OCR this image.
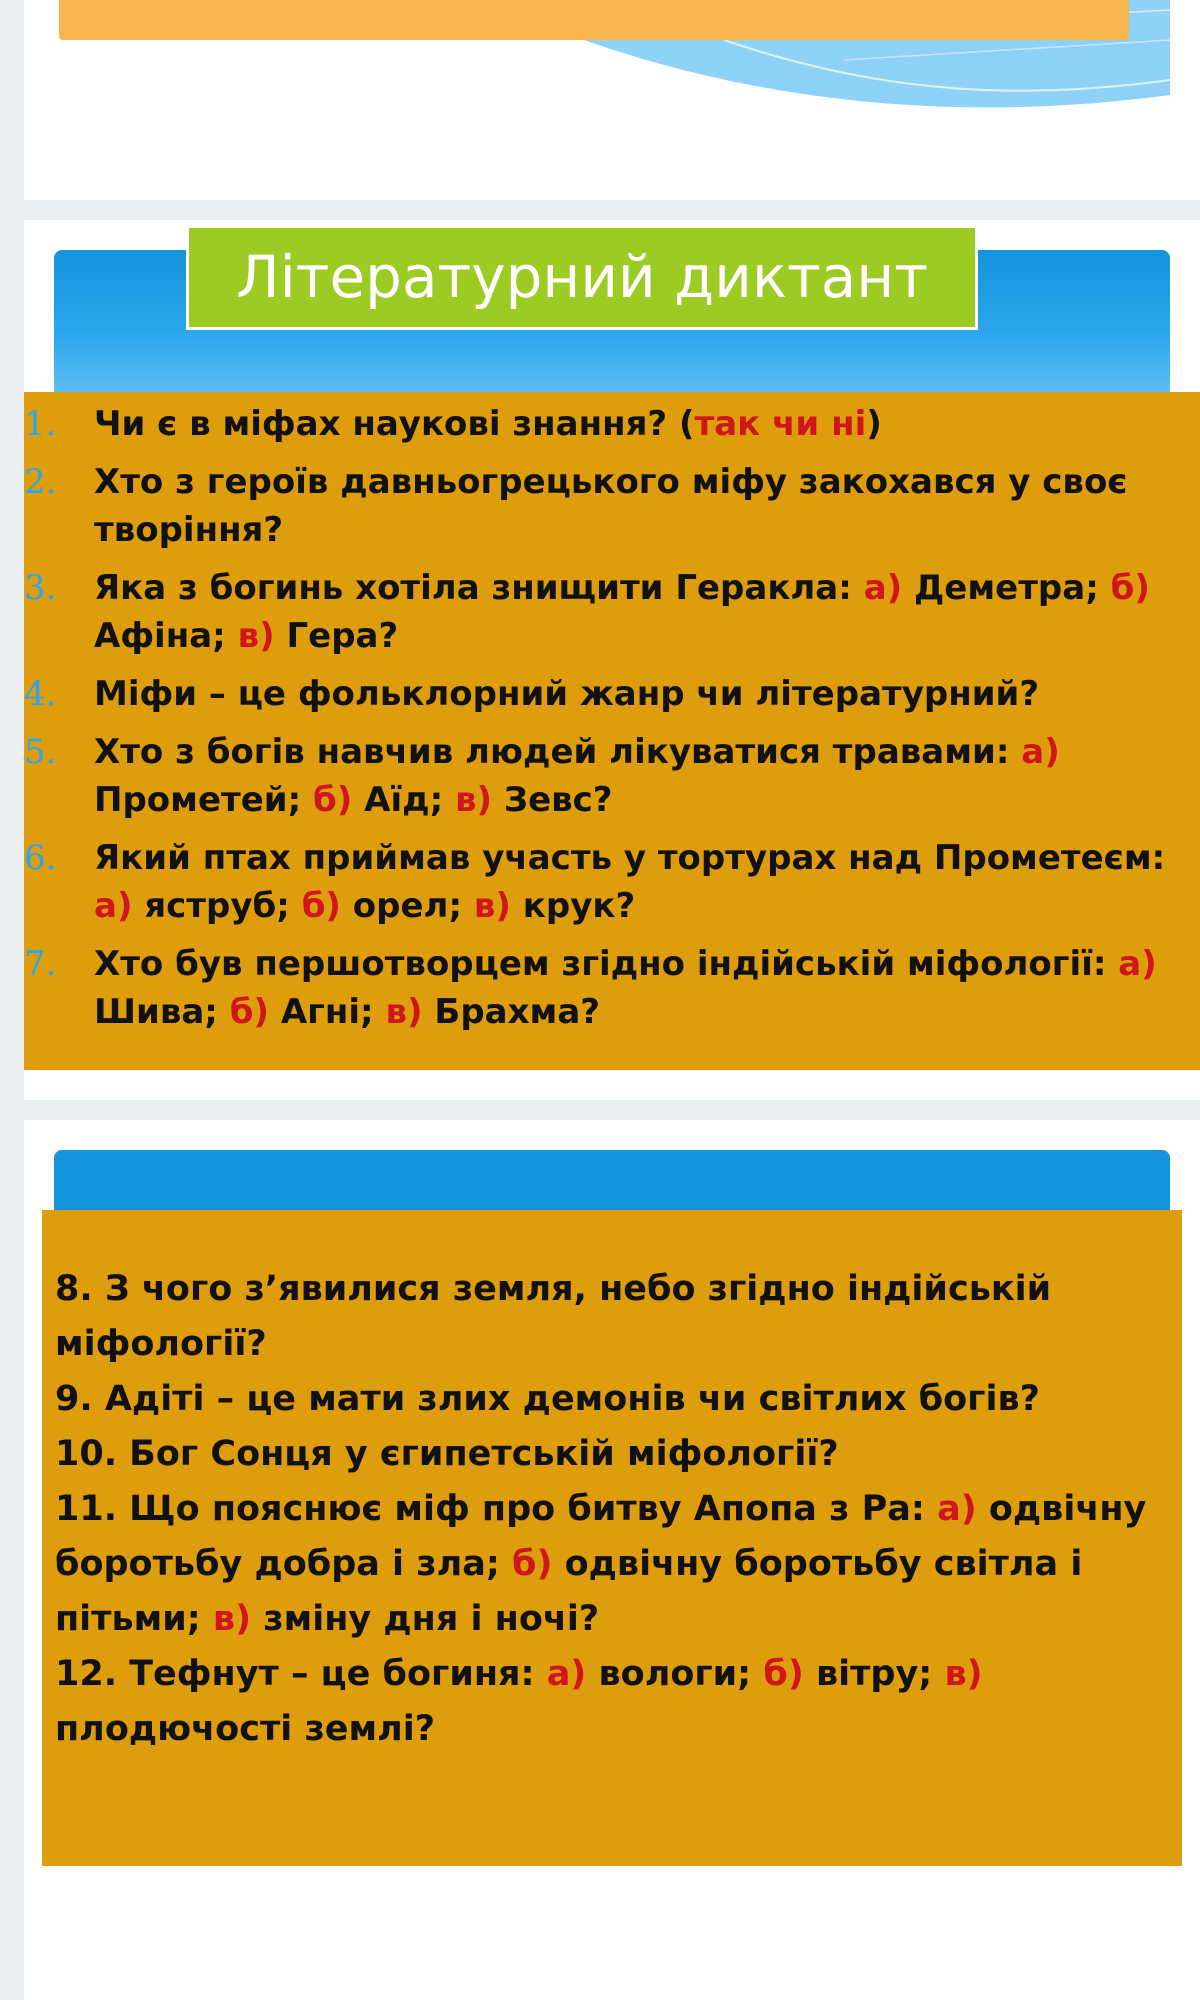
Літературний диктант
1.	Чи є в міфах наукові знання? (так чи ні)
2.	Хто з героїв давньогрецького міфу закохався у своє творіння?
3.	Яка з богинь хотіла знищити Геракла: а) Деметра; б) Афіна; в) Гера?
4.	Міфи – це фольклорний жанр чи літературний?
5.	Хто з богів навчив людей лікуватися травами: а) Прометей; б) Аїд; в) Зевс?
6.	Який птах приймав участь у тортурах над Прометеєм: а) яструб; б) орел; в) крук?
7.	Хто був першотворцем згідно індійській міфології: а) Шива; б) Агні; в) Брахма?
8. З чого з’явилися земля, небо згідно індійській міфології?
9. Адіті – це мати злих демонів чи світлих богів?
10. Бог Сонця у єгипетській міфології?
11. Що пояснює міф про битву Апопа з Ра: а) одвічну боротьбу добра і зла; б) одвічну боротьбу світла і пітьми; в) зміну дня і ночі?
12. Тефнут – це богиня: а) вологи; б) вітру; в) плодючості землі?
